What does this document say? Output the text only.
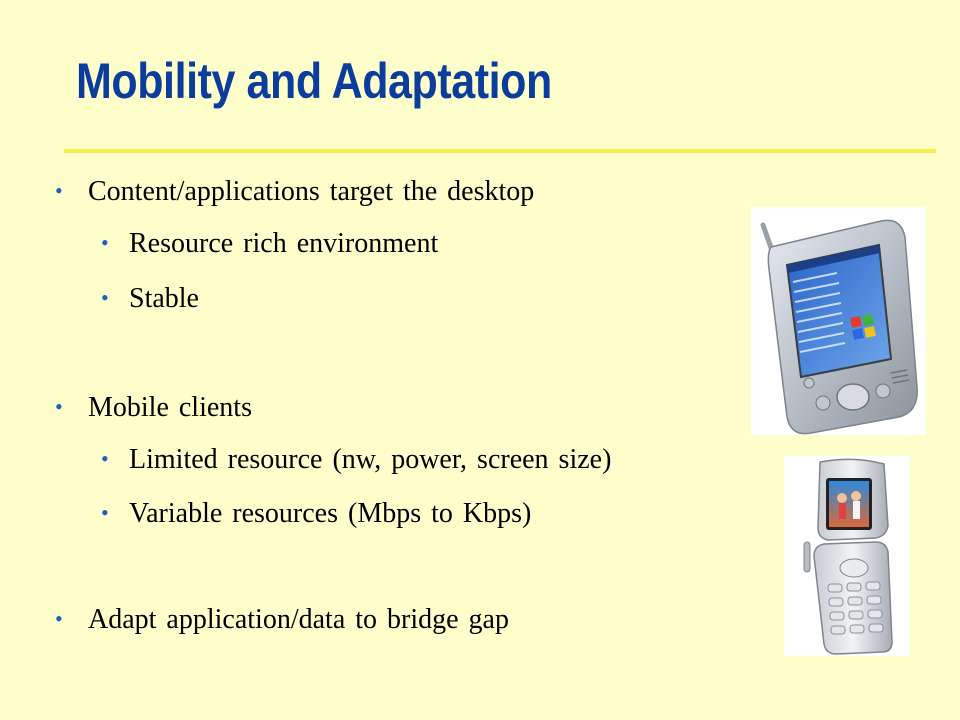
Mobility and Adaptation
• Content/applications target the desktop
• Resource rich environment
• Stable
• Mobile clients
• Limited resource (nw, power, screen size)
• Variable resources (Mbps to Kbps)
• Adapt application/data to bridge gap
